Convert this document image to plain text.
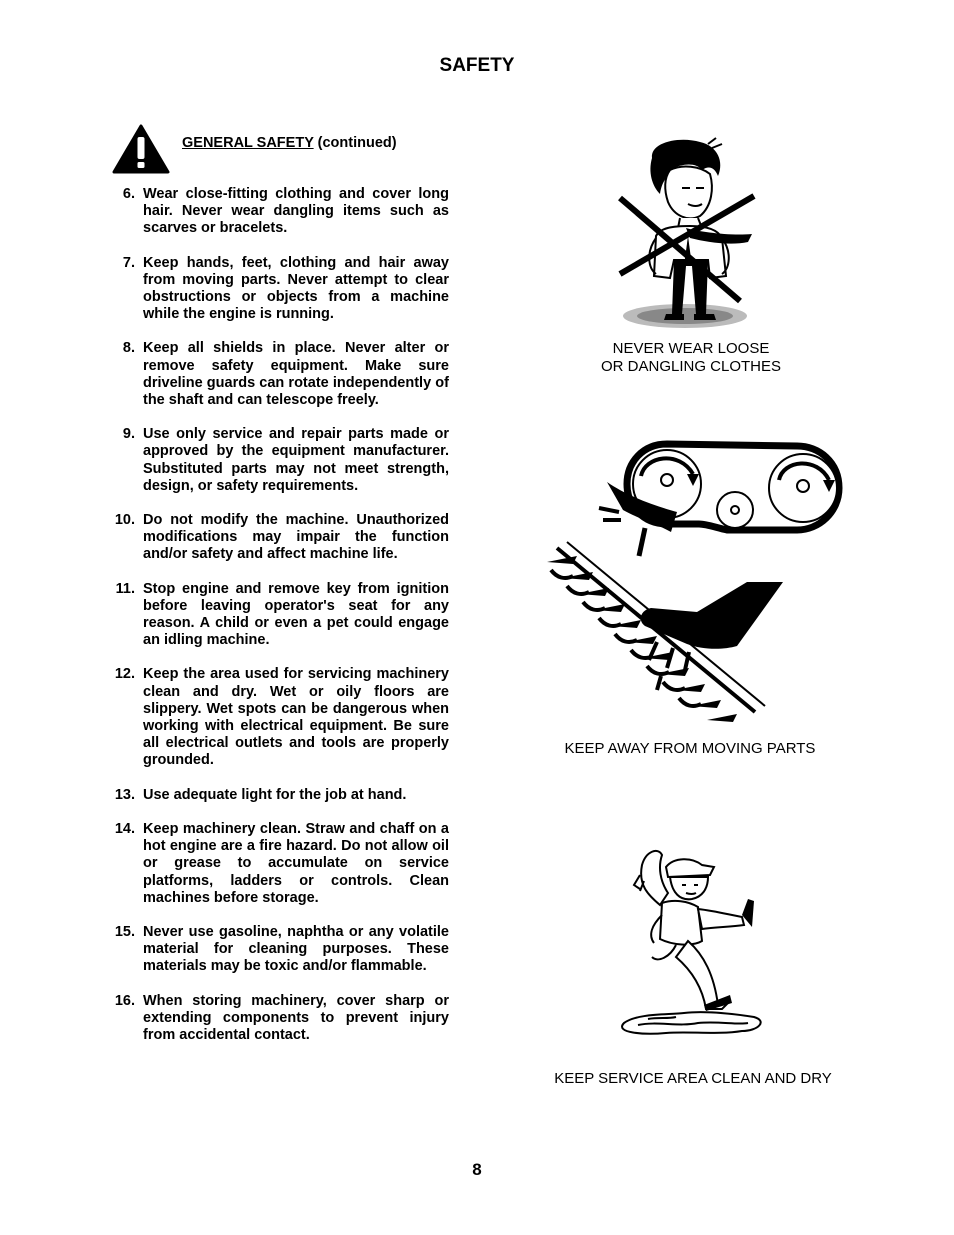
SAFETY
GENERAL SAFETY (continued)
6. Wear close-fitting clothing and cover long hair. Never wear dangling items such as scarves or bracelets.
7. Keep hands, feet, clothing and hair away from moving parts. Never attempt to clear obstructions or objects from a machine while the engine is running.
8. Keep all shields in place. Never alter or remove safety equipment. Make sure driveline guards can rotate independently of the shaft and can telescope freely.
9. Use only service and repair parts made or approved by the equipment manufacturer. Substituted parts may not meet strength, design, or safety requirements.
10. Do not modify the machine. Unauthorized modifications may impair the function and/or safety and affect machine life.
11. Stop engine and remove key from ignition before leaving operator's seat for any reason. A child or even a pet could engage an idling machine.
12. Keep the area used for servicing machinery clean and dry. Wet or oily floors are slippery. Wet spots can be dangerous when working with electrical equipment. Be sure all electrical outlets and tools are properly grounded.
13. Use adequate light for the job at hand.
14. Keep machinery clean. Straw and chaff on a hot engine are a fire hazard. Do not allow oil or grease to accumulate on service platforms, ladders or controls. Clean machines before storage.
15. Never use gasoline, naphtha or any volatile material for cleaning purposes. These materials may be toxic and/or flammable.
16. When storing machinery, cover sharp or extending components to prevent injury from accidental contact.
NEVER WEAR LOOSE
OR DANGLING CLOTHES
KEEP AWAY FROM MOVING PARTS
KEEP SERVICE AREA CLEAN AND DRY
8
